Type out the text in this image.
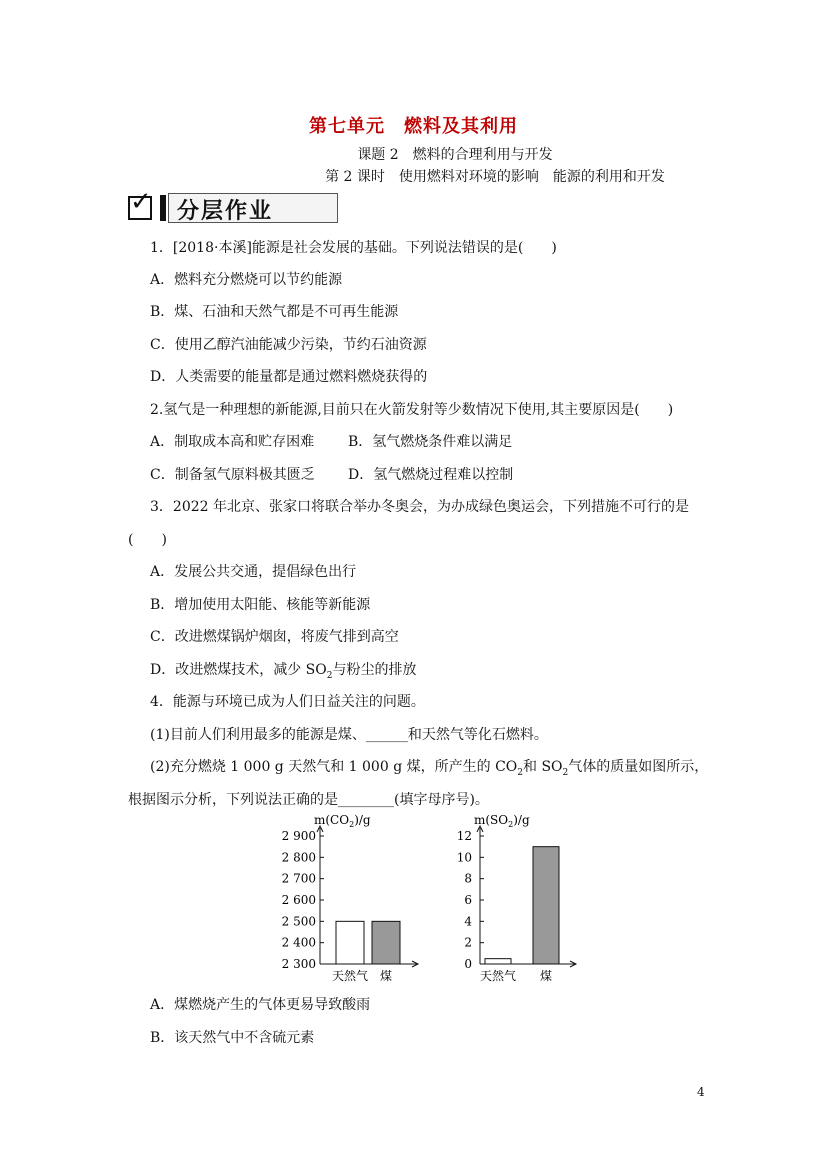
第七单元　燃料及其利用
课题 2　燃料的合理利用与开发
第 2 课时　使用燃料对环境的影响　能源的利用和开发
✓ 分层作业
1．[2018·本溪]能源是社会发展的基础。下列说法错误的是(　　)
A．燃料充分燃烧可以节约能源
B．煤、石油和天然气都是不可再生能源
C．使用乙醇汽油能减少污染，节约石油资源
D．人类需要的能量都是通过燃料燃烧获得的
2.氢气是一种理想的新能源,目前只在火箭发射等少数情况下使用,其主要原因是(　　)
A．制取成本高和贮存困难 B．氢气燃烧条件难以满足
C．制备氢气原料极其匮乏 D．氢气燃烧过程难以控制
3．2022 年北京、张家口将联合举办冬奥会，为办成绿色奥运会，下列措施不可行的是
(　　)
A．发展公共交通，提倡绿色出行
B．增加使用太阳能、核能等新能源
C．改进燃煤锅炉烟囱，将废气排到高空
D．改进燃煤技术，减少 $SO_2$与粉尘的排放
4．能源与环境已成为人们日益关注的问题。
(1)目前人们利用最多的能源是煤、______和天然气等化石燃料。
(2)充分燃烧 1 000 g 天然气和 1 000 g 煤，所产生的 $CO_2$和 $SO_2$气体的质量如图所示，
根据图示分析，下列说法正确的是________(填字母序号)。
$m(CO_2)/g$
2 900
2 800
2 700
2 600
2 500
2 400
2 300
天然气 煤
$m(SO_2)/g$
12
10
8
6
4
2
0
天然气 煤
A．煤燃烧产生的气体更易导致酸雨
B．该天然气中不含硫元素
4
